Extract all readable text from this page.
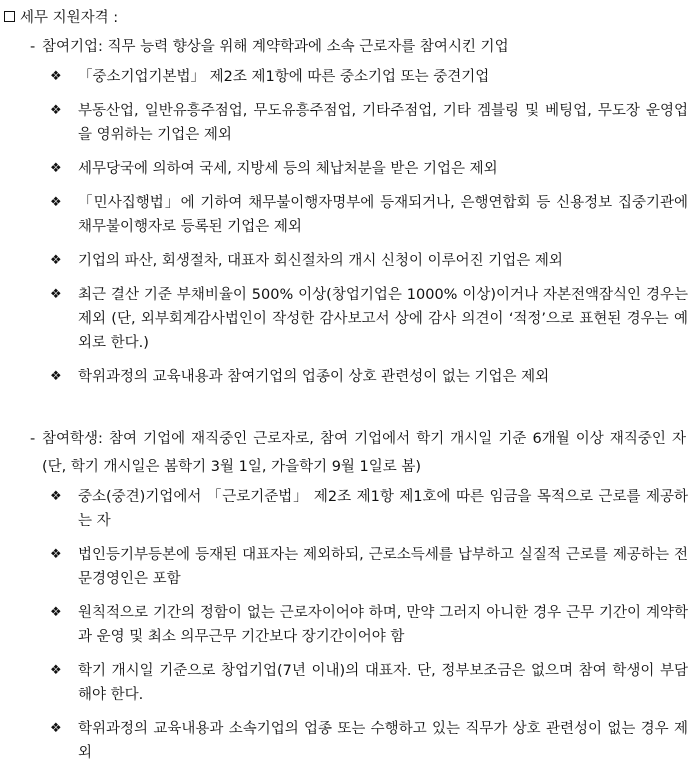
세무 지원자격 :
- 참여기업: 직무 능력 향상을 위해 계약학과에 소속 근로자를 참여시킨 기업
❖ 「중소기업기본법」 제2조 제1항에 따른 중소기업 또는 중견기업
❖ 부동산업, 일반유흥주점업, 무도유흥주점업, 기타주점업, 기타 겜블링 및 베팅업, 무도장 운영업을 영위하는 기업은 제외
❖ 세무당국에 의하여 국세, 지방세 등의 체납처분을 받은 기업은 제외
❖ 「민사집행법」에 기하여 채무불이행자명부에 등재되거나, 은행연합회 등 신용정보 집중기관에 채무불이행자로 등록된 기업은 제외
❖ 기업의 파산, 회생절차, 대표자 회신절차의 개시 신청이 이루어진 기업은 제외
❖ 최근 결산 기준 부채비율이 500% 이상(창업기업은 1000% 이상)이거나 자본전액잠식인 경우는 제외 (단, 외부회계감사법인이 작성한 감사보고서 상에 감사 의견이 ‘적정’으로 표현된 경우는 예외로 한다.)
❖ 학위과정의 교육내용과 참여기업의 업종이 상호 관련성이 없는 기업은 제외
- 참여학생: 참여 기업에 재직중인 근로자로, 참여 기업에서 학기 개시일 기준 6개월 이상 재직중인 자 (단, 학기 개시일은 봄학기 3월 1일, 가을학기 9월 1일로 봄)
❖ 중소(중견)기업에서 「근로기준법」 제2조 제1항 제1호에 따른 임금을 목적으로 근로를 제공하는 자
❖ 법인등기부등본에 등재된 대표자는 제외하되, 근로소득세를 납부하고 실질적 근로를 제공하는 전문경영인은 포함
❖ 원칙적으로 기간의 정함이 없는 근로자이어야 하며, 만약 그러지 아니한 경우 근무 기간이 계약학과 운영 및 최소 의무근무 기간보다 장기간이어야 함
❖ 학기 개시일 기준으로 창업기업(7년 이내)의 대표자. 단, 정부보조금은 없으며 참여 학생이 부담해야 한다.
❖ 학위과정의 교육내용과 소속기업의 업종 또는 수행하고 있는 직무가 상호 관련성이 없는 경우 제외
